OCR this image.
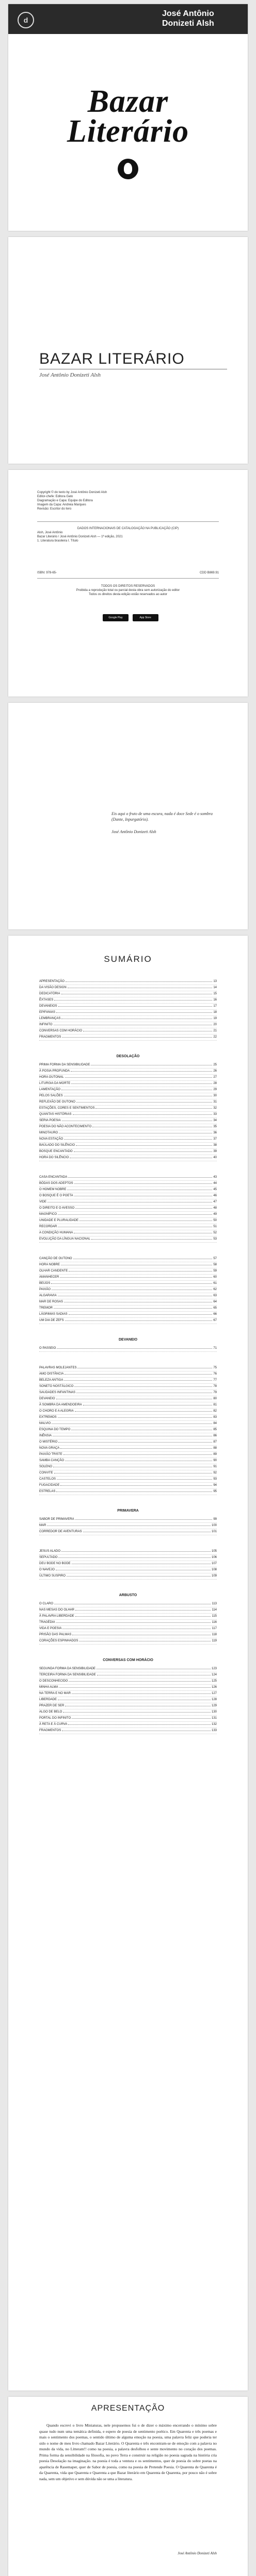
d
José Antônio Donizeti Alsh
Bazar
Literário
BAZAR LITERÁRIO
José Antônio Donizeti Alsh

Copyright © do texto by José Antônio Donizeti Alsh

Editor-chefe: Editora Gato

Diagramação e Capa: Equipe do Editora

Imagem da Capa: Andreia Marques

Revisão: Escritor do livro

DADOS INTERNACIONAIS DE CATALOGAÇÃO NA PUBLICAÇÃO (CIP)

Alsh, José Antônio

Bazar Literário / José Antônio Donizeti Alsh — 1ª edição, 2021

1. Literatura brasileira I. Título

ISBN: 978-65-	CDD B869.91

TODOS OS DIREITOS RESERVADOS

Proibida a reprodução total ou parcial desta obra sem autorização do editor

Todos os direitos desta edição estão reservados ao autor

Google Play	App Store
Eis aqui o fruto de uma escura, nada é doce Sede é o sombra (Dante, Inpurgatório).
José Antônio Donizeti Alsh
SUMÁRIO
APRESENTAÇÃO	13
DA VISÃO DESIGN	14
DEDICATÓRIA	15
ÊXTASES	16
DEVANEIOS	17
EPIFANIAS	18
LEMBRANÇAS	19
INFINITO	20
CONVERSAS COM HORÁCIO	21
FRAGMENTOS	22
DESOLAÇÃO
PRIMA FORMA DA SENSIBILIDADE	25
À POSIA PROFUNDA	26
HORA OUTONAL	27
LITURGIA DA MORTE	28
LAMENTAÇÃO	29
PELOS SALÕES	30
REFLEXÃO DE OUTONO	31
ESTAÇÕES, CORES E SENTIMENTOS	32
QUANTAS HISTÓRIAS	33
SERIA POESIA	34
POESIA DO NÃO ACONTECIMENTO	35
MINOTAURO	36
NOVA ESTAÇÃO	37
BAÚLADO DO SILÊNCIO	38
BOSQUE ENCANTADO	39
HORA DO SILÊNCIO	40
CASA ENCANTADA	43
BÓDAS DOS ADEPTOS	44
O HOMEM NOBRE	45
O BOSQUE É O POETA	46
VIDE	47
O DIREITO E O AVESSO	48
MAGNÍFICO	49
UNIDADE E PLURALIDADE	50
RECORDAR	51
A CONDIÇÃO HUMANA	52
EVOLUÇÃO DA LÍNGUA NACIONAL	53
CANÇÃO DE OUTONO	57
HORA NOBRE	58
OLHAR CANDENTE	59
AMANHECER	60
BEIJOS	61
PAIXÃO	62
ALGARAVIA	63
MAR DE ROSAS	64
TREMOR	65
LÁGRIMAS SADIAS	66
UM DIA DE ZEFS	67
DEVANEIO
O PASSEIO	71
PALAVRAS MOLEJANTES	75
AMO DISTÂNCIA	76
BELEZA ANTIGA	77
SONETO NOSTÁLGICO	78
SAUDADES INFANTINAS	79
DEVANEIO	80
À SOMBRA DA AMENDOEIRA	81
O CHORO E A ALEGRIA	82
EXTREMOS	83
MALVIO	84
ESQUINA DO TEMPO	85
INÊNSIA	86
O MISTÉRIO	87
NOVA GRAÇA	88
PAIXÃO TRISTE	89
SAMBA CANÇÃO	90
SOLENO	91
CONVITE	92
CASTELOS	93
FUGACIDADE	94
ESTRELAS	95
PRIMAVERA
SABOR DE PRIMAVERA	99
MAR	100
CORREDOR DE AVENTURAS	101
JESUS ALADO	105
SEPULTADO	106
DEU BODE NO BODE	107
O NAVEJO	108
ÚLTIMO SUSPIRO	109
ARBUSTO
O CLARO	113
NAS MESAS DO OLHAR	114
À PALAVRA LIBERDADE	115
TRAGÉDIA	116
VIDA E POESIA	117
PRISÃO DAS PALMAS	118
CORAÇÕES ESPINHADOS	119
CONVERSAS COM HORÁCIO
SEGUNDA FORMA DA SENSIBILIDADE	123
TERCEIRA FORMA DA SENSIBILIDADE	124
O DESCONHECIDO	125
MINHA ALMA	126
NA TERRA E NO MAR	127
LIBERDADE	128
PRAZER DE SER	129
ALGO DE BELO	130
PORTAL DO INFINITO	131
À RETA E À CURVA	132
FRAGMENTOS	133
APRESENTAÇÃO

Quando escrevi o livro Miniaturas, nele propusemos fui o de dizer o máximo encerrando o mínimo sobre quase tudo num uma temática definida, e espero de poesia de sentimento poético. Em Quarenta e três poemas e mais o sentimento dos poemas, o sentido último de alguma emoção na poesia, uma palavra feliz que poderia ter sido o nome de meu livro chamado Bazar Literário. O Quarenta e três encontram-se de emoção com a palavra no mundo da vida, no Lítteram!! como na poesia, a palavra desfolhou e sente movimento no coração dos poemas. Prima forma da sensibilidade na filosofia, no povo Terra e construir na religião no poesia sagrada na história cria poesia Desolação na imaginação. na poesia é toda a ventura e os sentimentos, quer de poesia do sobre poetas na aparência de Rasemaper, quer de Sabor de poesia, como na poesia de Pretende Poesia. O Quarenta de Quarenta é da Quarenta, vida que Quarenta e Quarenta a que Bazar literário em Quarenta de Quarenta, por pouco não é sobre nada, sem um objetivo e sem dúvida não se uma a literatura.

José Antônio Donizeti Alsh
